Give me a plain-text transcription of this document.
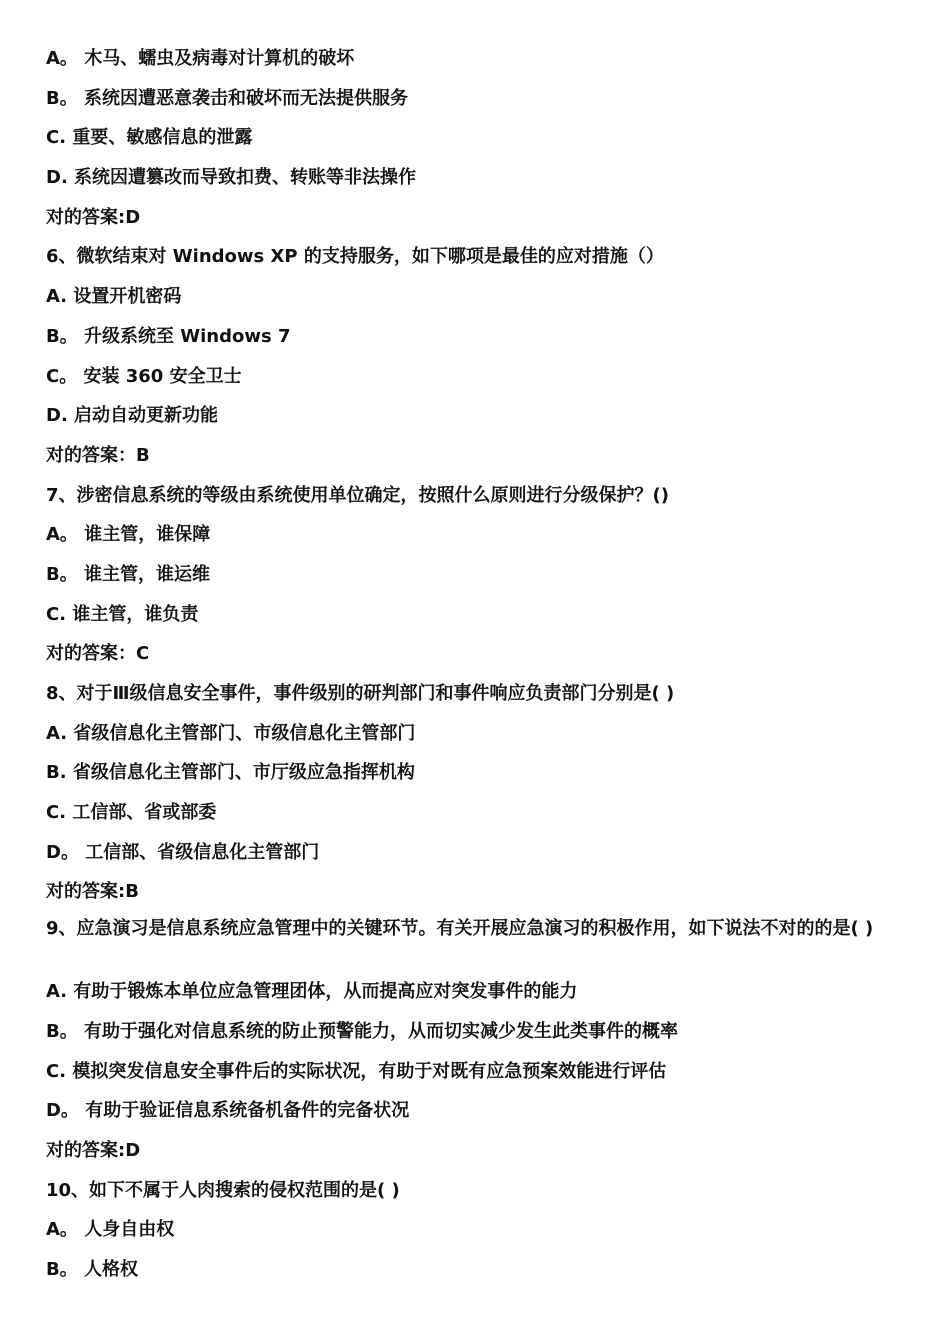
A。 木马、蠕虫及病毒对计算机的破坏
B。 系统因遭恶意袭击和破坏而无法提供服务
C. 重要、敏感信息的泄露
D. 系统因遭篡改而导致扣费、转账等非法操作
对的答案:D
6、微软结束对 Windows XP 的支持服务，如下哪项是最佳的应对措施（）
A. 设置开机密码
B。 升级系统至 Windows 7
C。 安装 360 安全卫士
D. 启动自动更新功能
对的答案：B
7、涉密信息系统的等级由系统使用单位确定，按照什么原则进行分级保护？()
A。 谁主管，谁保障
B。 谁主管，谁运维
C. 谁主管，谁负责
对的答案：C
8、对于Ⅲ级信息安全事件，事件级别的研判部门和事件响应负责部门分别是( )
A. 省级信息化主管部门、市级信息化主管部门
B. 省级信息化主管部门、市厅级应急指挥机构
C. 工信部、省或部委
D。 工信部、省级信息化主管部门
对的答案:B
9、应急演习是信息系统应急管理中的关键环节。有关开展应急演习的积极作用，如下说法不对的的是( )
A. 有助于锻炼本单位应急管理团体，从而提高应对突发事件的能力
B。 有助于强化对信息系统的防止预警能力，从而切实减少发生此类事件的概率
C. 模拟突发信息安全事件后的实际状况，有助于对既有应急预案效能进行评估
D。 有助于验证信息系统备机备件的完备状况
对的答案:D
10、如下不属于人肉搜索的侵权范围的是( )
A。 人身自由权
B。 人格权
